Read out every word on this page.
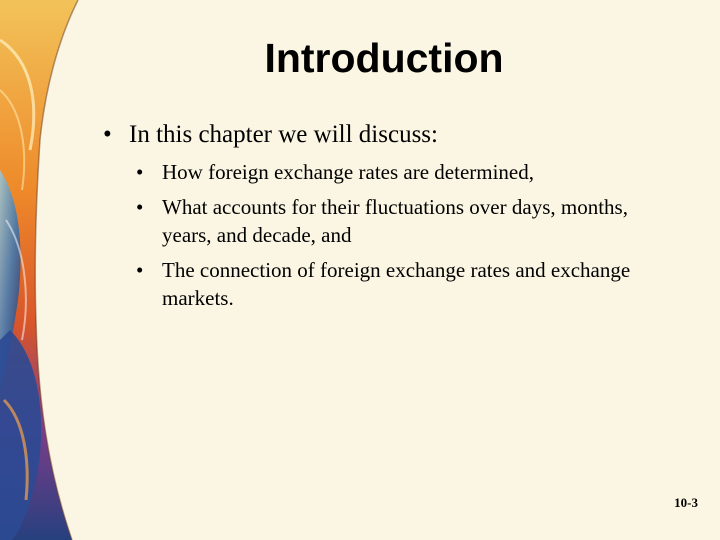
Introduction
• In this chapter we will discuss:
• How foreign exchange rates are determined,
• What accounts for their fluctuations over days, months, years, and decade, and
• The connection of foreign exchange rates and exchange markets.
10-3
